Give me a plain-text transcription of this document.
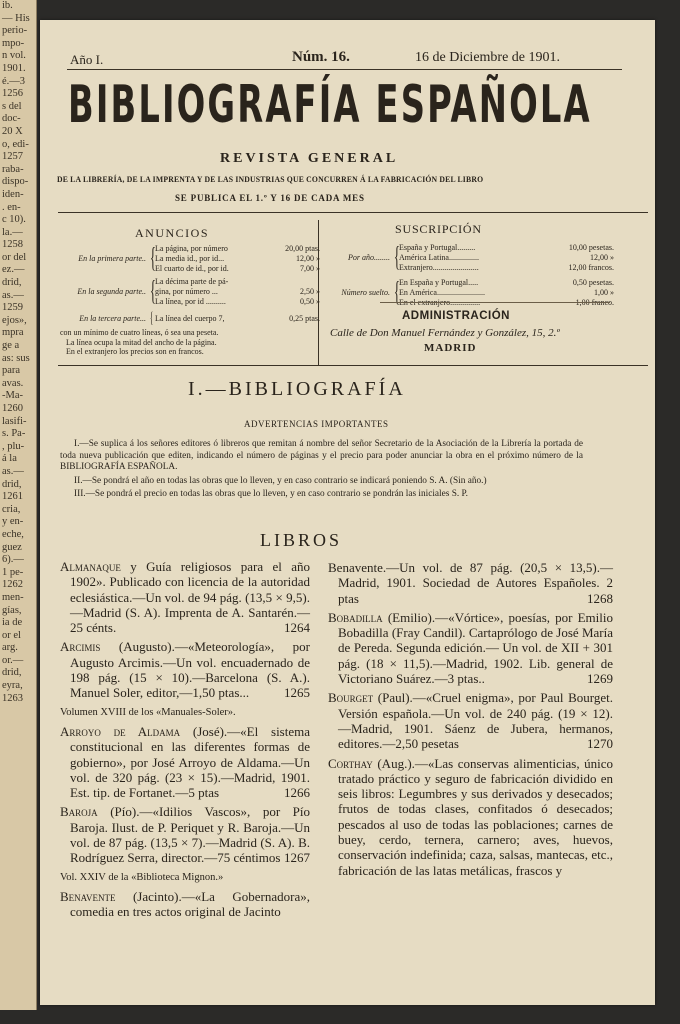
ib.
— His
perio-
mpo-
n vol.
1901.
é.—3
1256
s del
doc-
20 X
o, edi-
1257
raba-
dispo-
iden-
. en-
c 10).
la.—
1258
or del
ez.—
drid,
as.—
1259
ejos»,
mpra
ge a
as: sus
para
avas.
-Ma-
1260
lasifi-
s. Pa-
, plu-
á la
as.—
drid,
1261
cria,
y en-
eche,
guez
6).—
1 pe-
1262
men-
gías,
ia de
or el
arg.
or.—
drid,
eyra,
1263
Año I.	Núm. 16.	16 de Diciembre de 1901.
BIBLIOGRAFÍA ESPAÑOLA
REVISTA GENERAL
DE LA LIBRERÍA, DE LA IMPRENTA Y DE LAS INDUSTRIAS QUE CONCURREN Á LA FABRICACIÓN DEL LIBRO
SE PUBLICA EL 1.º Y 16 DE CADA MES
ANUNCIOS
En la primera parte.. { La página, por número	20,00 ptas.
La media id., por id...	12,00 »
El cuarto de id., por id.	7,00 »
En la segunda parte.. { La décima parte de pá-
gina, por número ...	2,50 »
La línea, por id ..........	0,50 »
En la tercera parte... { La línea del cuerpo 7,	0,25 ptas.
con un mínimo de cuatro líneas, ó sea una peseta.
La línea ocupa la mitad del ancho de la página.
En el extranjero los precios son en francos.
SUSCRIPCIÓN
Por año........ { España y Portugal.........	10,00 pesetas.
América Latina...............	12,00 »
Extranjero.......................	12,00 francos.
Número suelto. { En España y Portugal.....	0,50 pesetas.
En América........................	1,00 »
En el extranjero...............	1,00 franco.
ADMINISTRACIÓN
Calle de Don Manuel Fernández y González, 15, 2.º
MADRID
I.—BIBLIOGRAFÍA
ADVERTENCIAS IMPORTANTES

I.—Se suplica á los señores editores ó libreros que remitan á nombre del señor Secretario de la Asociación de la Librería la portada de toda nueva publicación que editen, indicando el número de páginas y el precio para poder anunciar la obra en el próximo número de la BIBLIOGRAFÍA ESPAÑOLA.

II.—Se pondrá el año en todas las obras que lo lleven, y en caso contrario se indicará poniendo S. A. (Sin año.)

III.—Se pondrá el precio en todas las obras que lo lleven, y en caso contrario se pondrán las iniciales S. P.

LIBROS

Almanaque y Guía religiosos para el año 1902». Publicado con licencia de la autoridad eclesiástica.—Un vol. de 94 pág. (13,5 × 9,5).—Madrid (S. A). Imprenta de A. Santarén.—25 cénts.	1264

Arcimis (Augusto).—«Meteorología», por Augusto Arcimis.—Un vol. encuadernado de 198 pág. (15 × 10).—Barcelona (S. A.). Manuel Soler, editor,—1,50 ptas...	1265

Volumen XVIII de los «Manuales-Soler».

Arroyo de Aldama (José).—«El sistema constitucional en las diferentes formas de gobierno», por José Arroyo de Aldama.—Un vol. de 320 pág. (23 × 15).—Madrid, 1901. Est. tip. de Fortanet.—5 ptas	1266

Baroja (Pío).—«Idilios Vascos», por Pío Baroja. Ilust. de P. Periquet y R. Baroja.—Un vol. de 87 pág. (13,5 × 7).—Madrid (S. A). B. Rodríguez Serra, director.—75 céntimos 1267

Vol. XXIV de la «Biblioteca Mignon.»

Benavente (Jacinto).—«La Gobernadora», comedia en tres actos original de Jacinto

Benavente.—Un vol. de 87 pág. (20,5 × 13,5).—Madrid, 1901. Sociedad de Autores Españoles. 2 ptas	1268

Bobadilla (Emilio).—«Vórtice», poesías, por Emilio Bobadilla (Fray Candil). Cartaprólogo de José María de Pereda. Segunda edición.— Un vol. de XII + 301 pág. (18 × 11,5).—Madrid, 1902. Lib. general de Victoriano Suárez.—3 ptas..	1269

Bourget (Paul).—«Cruel enigma», por Paul Bourget. Versión española.—Un vol. de 240 pág. (19 × 12).—Madrid, 1901. Sáenz de Jubera, hermanos, editores.—2,50 pesetas	1270

Corthay (Aug.).—«Las conservas alimenticias, único tratado práctico y seguro de fabricación dividido en seis libros: Legumbres y sus derivados y desecados; frutos de todas clases, confitados ó desecados; pescados al uso de todas las poblaciones; carnes de buey, cerdo, ternera, carnero; aves, huevos, conservación indefinida; caza, salsas, mantecas, etc., fabricación de las latas metálicas, frascos y
